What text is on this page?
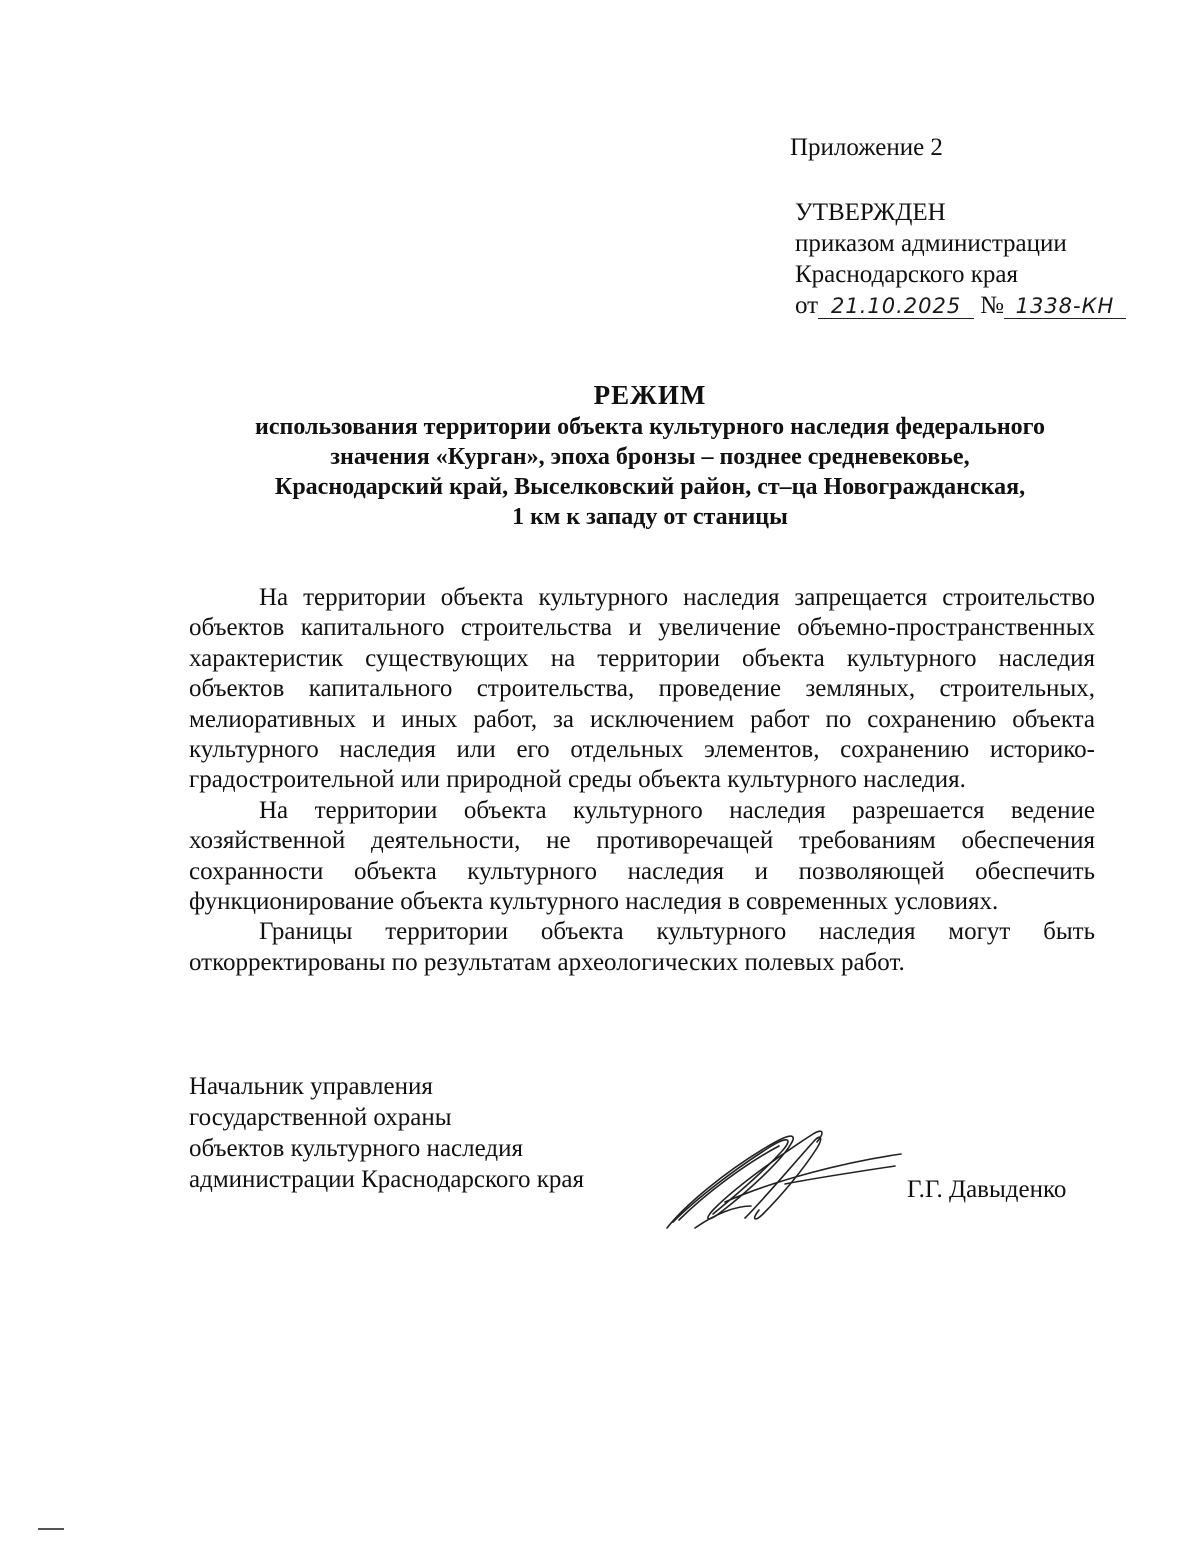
Приложение 2
УТВЕРЖДЕН
приказом администрации
Краснодарского края
от 21.10.2025 № 1338-КН
РЕЖИМ
использования территории объекта культурного наследия федерального
значения «Курган», эпоха бронзы – позднее средневековье,
Краснодарский край, Выселковский район, ст–ца Новогражданская,
1 км к западу от станицы

На территории объекта культурного наследия запрещается строительство объектов капитального строительства и увеличение объемно-пространственных характеристик существующих на территории объекта культурного наследия объектов капитального строительства, проведение земляных, строительных, мелиоративных и иных работ, за исключением работ по сохранению объекта культурного наследия или его отдельных элементов, сохранению историко-градостроительной или природной среды объекта культурного наследия.

На территории объекта культурного наследия разрешается ведение хозяйственной деятельности, не противоречащей требованиям обеспечения сохранности объекта культурного наследия и позволяющей обеспечить функционирование объекта культурного наследия в современных условиях.

Границы территории объекта культурного наследия могут быть откорректированы по результатам археологических полевых работ.

Начальник управления
государственной охраны
объектов культурного наследия
администрации Краснодарского края	Г.Г. Давыденко
